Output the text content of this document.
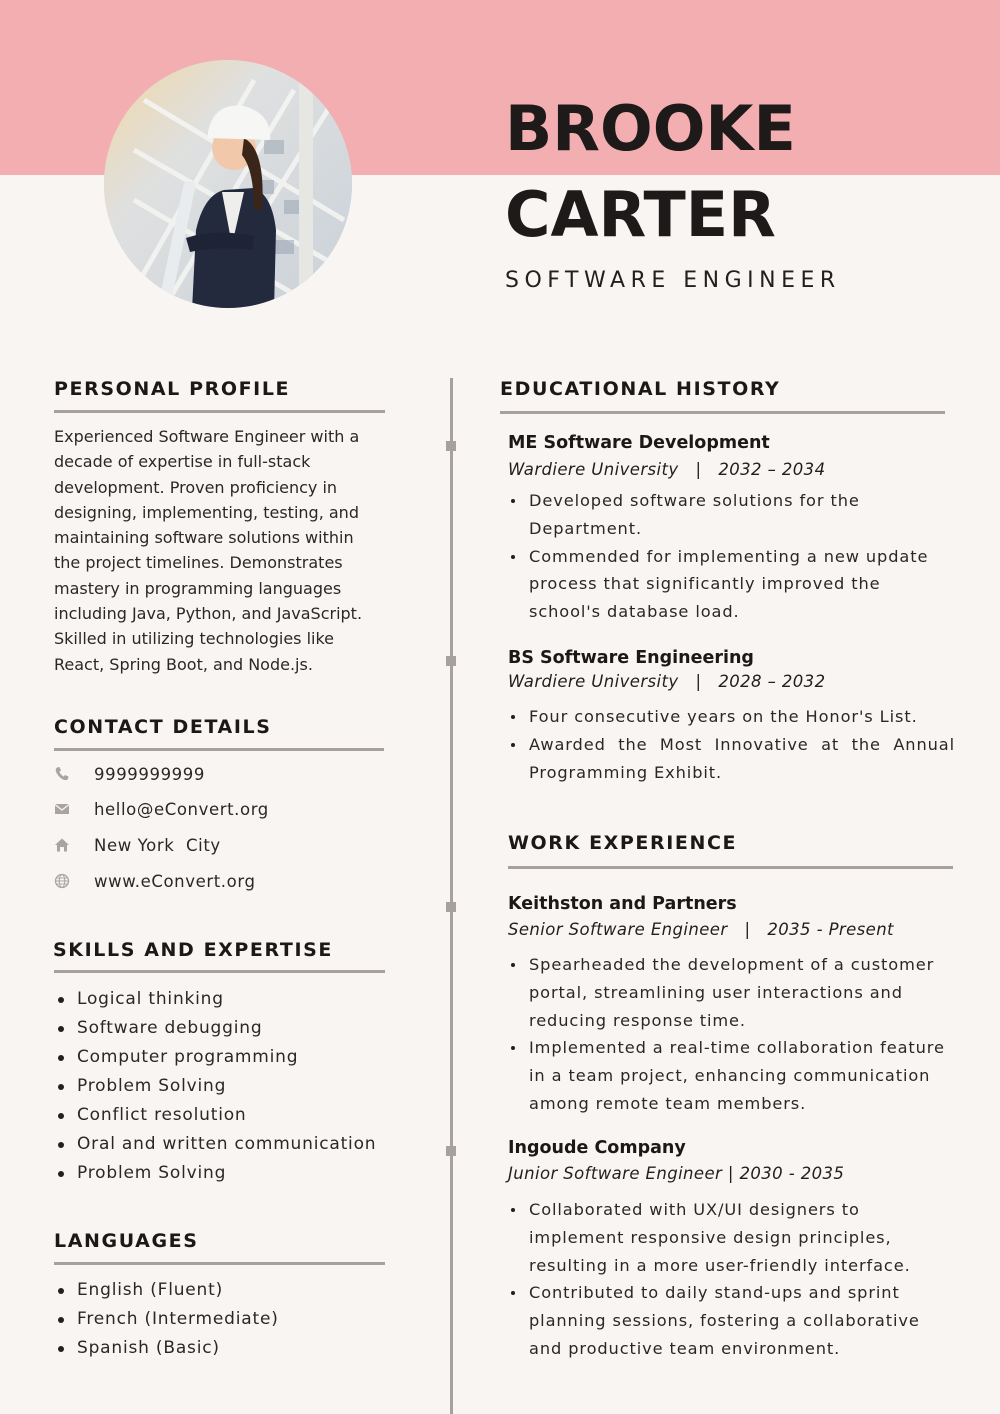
BROOKE
CARTER
SOFTWARE ENGINEER
PERSONAL PROFILE
Experienced Software Engineer with a
decade of expertise in full-stack
development. Proven proficiency in
designing, implementing, testing, and
maintaining software solutions within
the project timelines. Demonstrates
mastery in programming languages
including Java, Python, and JavaScript.
Skilled in utilizing technologies like
React, Spring Boot, and Node.js.
CONTACT DETAILS
9999999999
hello@eConvert.org
New York  City
www.eConvert.org
SKILLS AND EXPERTISE
Logical thinking
Software debugging
Computer programming
Problem Solving
Conflict resolution
Oral and written communication
Problem Solving
LANGUAGES
English (Fluent)
French (Intermediate)
Spanish (Basic)
EDUCATIONAL HISTORY
ME Software Development
Wardiere University   |   2032 – 2034
Developed software solutions for the Department.
Commended for implementing a new update process that significantly improved the school's database load.
BS Software Engineering
Wardiere University   |   2028 – 2032
Four consecutive years on the Honor's List.
Awarded the Most Innovative at the Annual Programming Exhibit.
WORK EXPERIENCE
Keithston and Partners
Senior Software Engineer   |   2035 - Present
Spearheaded the development of a customer portal, streamlining user interactions and reducing response time.
Implemented a real-time collaboration feature in a team project, enhancing communication among remote team members.
Ingoude Company
Junior Software Engineer | 2030 - 2035
Collaborated with UX/UI designers to implement responsive design principles, resulting in a more user-friendly interface.
Contributed to daily stand-ups and sprint planning sessions, fostering a collaborative and productive team environment.
